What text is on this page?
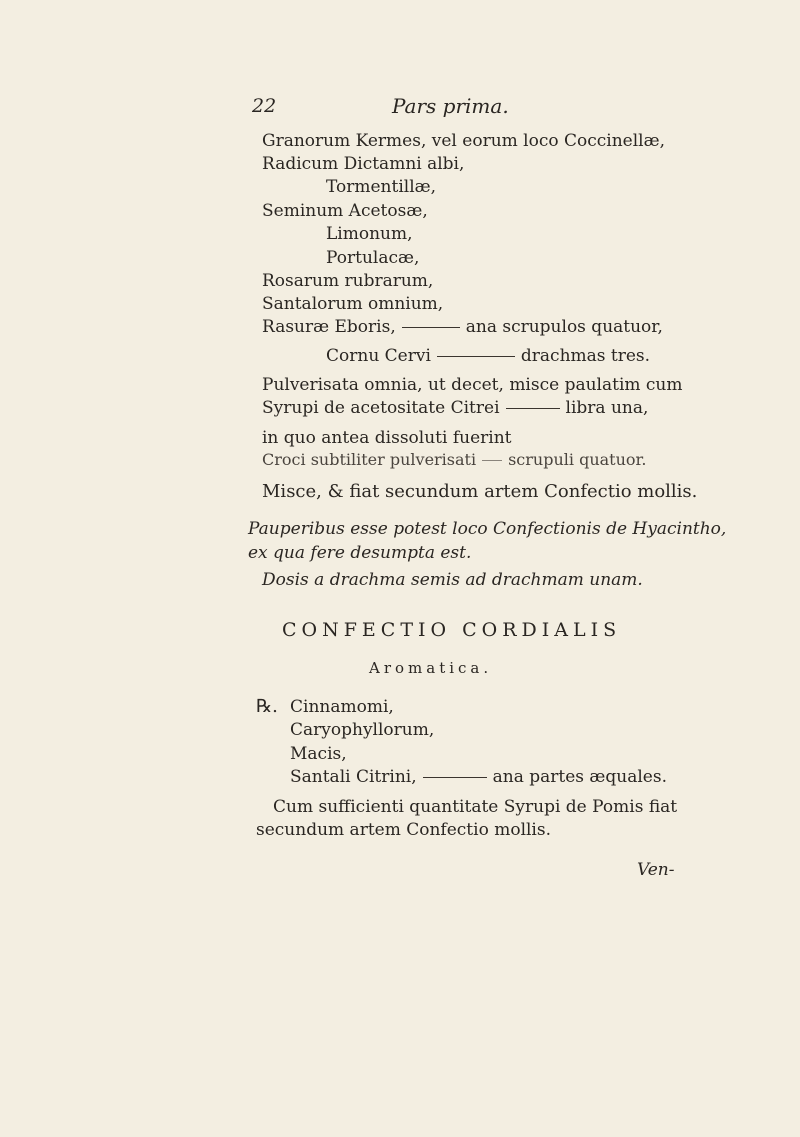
22	Pars prima.
Granorum Kermes, vel eorum loco Coccinellæ,
Radicum Dictamni albi,
Tormentillæ,
Seminum Acetosæ,
Limonum,
Portulacæ,
Rosarum rubrarum,
Santalorum omnium,
Rasuræ Eboris,	ana scrupulos quatuor,
Cornu Cervi	drachmas tres.
Pulverisata omnia, ut decet, misce paulatim cum
Syrupi de acetositate Citrei	libra una,
in quo antea dissoluti fuerint
Croci subtiliter pulverisati scrupuli quatuor.
Misce, & fiat secundum artem Confectio mollis.
Pauperibus esse potest loco Confectionis de Hyacintho,
ex qua fere desumpta est.
Dosis a drachma semis ad drachmam unam.
CONFECTIO CORDIALIS
Aromatica.
℞. Cinnamomi,
Caryophyllorum,
Macis,
Santali Citrini,	ana partes æquales.
Cum sufficienti quantitate Syrupi de Pomis fiat
secundum artem Confectio mollis.
Ven-
